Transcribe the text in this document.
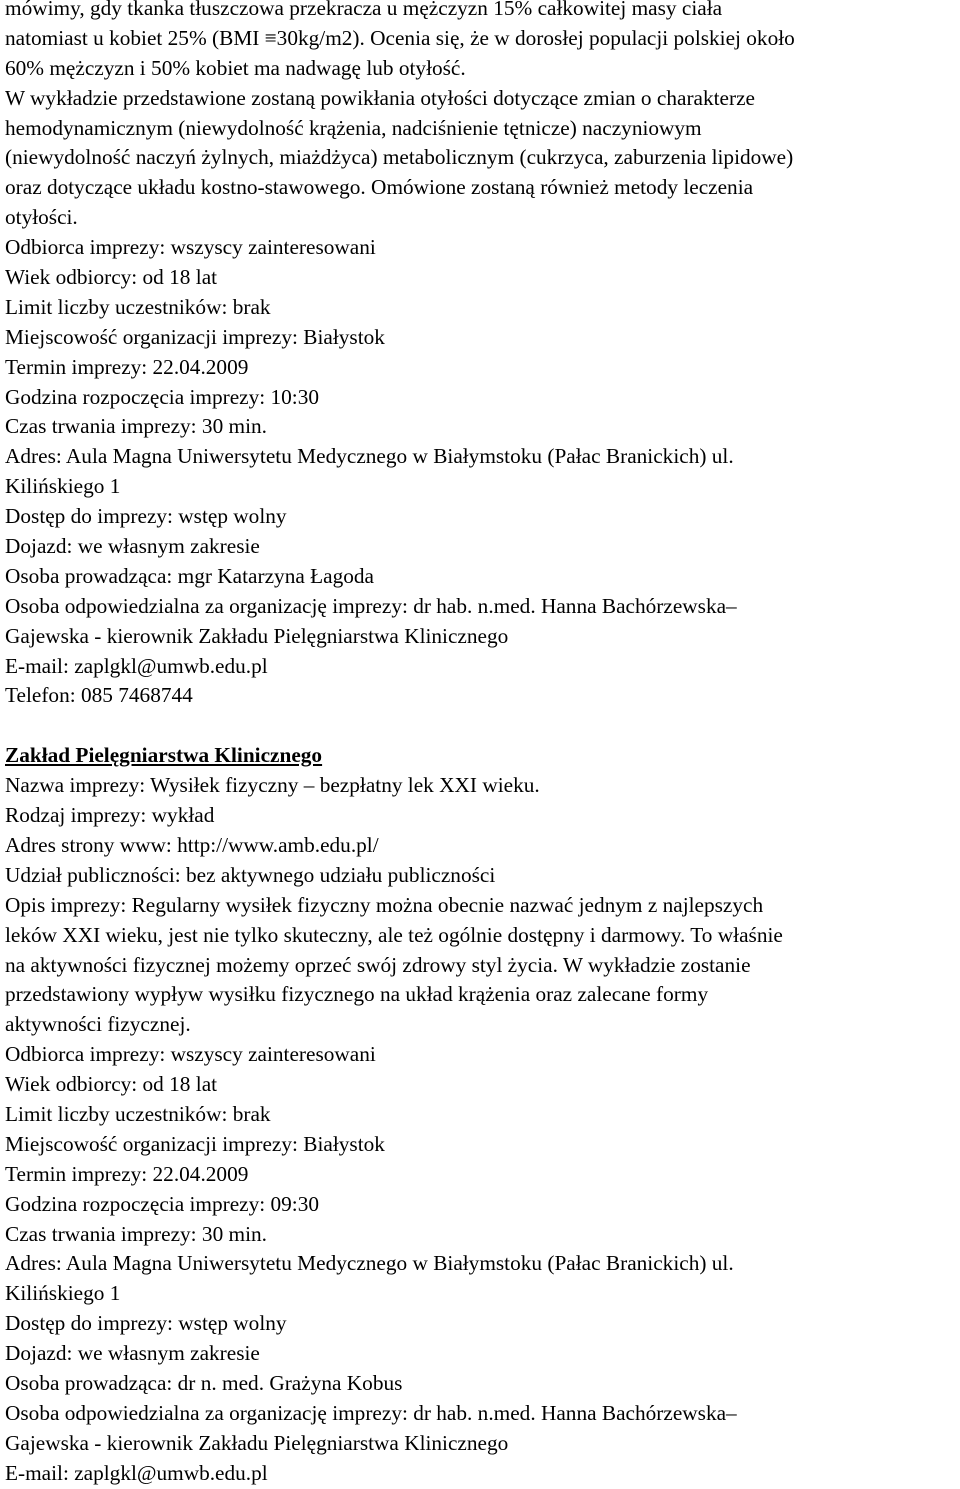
mówimy, gdy tkanka tłuszczowa przekracza u mężczyzn 15% całkowitej masy ciała
natomiast u kobiet 25% (BMI ≡30kg/m2). Ocenia się, że w dorosłej populacji polskiej około
60% mężczyzn i 50% kobiet ma nadwagę lub otyłość.
W wykładzie przedstawione zostaną powikłania otyłości dotyczące zmian o charakterze
hemodynamicznym (niewydolność krążenia, nadciśnienie tętnicze) naczyniowym
(niewydolność naczyń żylnych, miażdżyca) metabolicznym (cukrzyca, zaburzenia lipidowe)
oraz dotyczące układu kostno-stawowego. Omówione zostaną również metody leczenia
otyłości.
Odbiorca imprezy: wszyscy zainteresowani
Wiek odbiorcy: od 18 lat
Limit liczby uczestników: brak
Miejscowość organizacji imprezy: Białystok
Termin imprezy: 22.04.2009
Godzina rozpoczęcia imprezy: 10:30
Czas trwania imprezy: 30 min.
Adres: Aula Magna Uniwersytetu Medycznego w Białymstoku (Pałac Branickich) ul.
Kilińskiego 1
Dostęp do imprezy: wstęp wolny
Dojazd: we własnym zakresie
Osoba prowadząca: mgr Katarzyna Łagoda
Osoba odpowiedzialna za organizację imprezy: dr hab. n.med. Hanna Bachórzewska–
Gajewska - kierownik Zakładu Pielęgniarstwa Klinicznego
E-mail: zaplgkl@umwb.edu.pl
Telefon: 085 7468744
Zakład Pielęgniarstwa Klinicznego
Nazwa imprezy: Wysiłek fizyczny – bezpłatny lek XXI wieku.
Rodzaj imprezy: wykład
Adres strony www: http://www.amb.edu.pl/
Udział publiczności: bez aktywnego udziału publiczności
Opis imprezy: Regularny wysiłek fizyczny można obecnie nazwać jednym z najlepszych
leków XXI wieku, jest nie tylko skuteczny, ale też ogólnie dostępny i darmowy. To właśnie
na aktywności fizycznej możemy oprzeć swój zdrowy styl życia. W wykładzie zostanie
przedstawiony wypływ wysiłku fizycznego na układ krążenia oraz zalecane formy
aktywności fizycznej.
Odbiorca imprezy: wszyscy zainteresowani
Wiek odbiorcy: od 18 lat
Limit liczby uczestników: brak
Miejscowość organizacji imprezy: Białystok
Termin imprezy: 22.04.2009
Godzina rozpoczęcia imprezy: 09:30
Czas trwania imprezy: 30 min.
Adres: Aula Magna Uniwersytetu Medycznego w Białymstoku (Pałac Branickich) ul.
Kilińskiego 1
Dostęp do imprezy: wstęp wolny
Dojazd: we własnym zakresie
Osoba prowadząca: dr n. med. Grażyna Kobus
Osoba odpowiedzialna za organizację imprezy: dr hab. n.med. Hanna Bachórzewska–
Gajewska - kierownik Zakładu Pielęgniarstwa Klinicznego
E-mail: zaplgkl@umwb.edu.pl
